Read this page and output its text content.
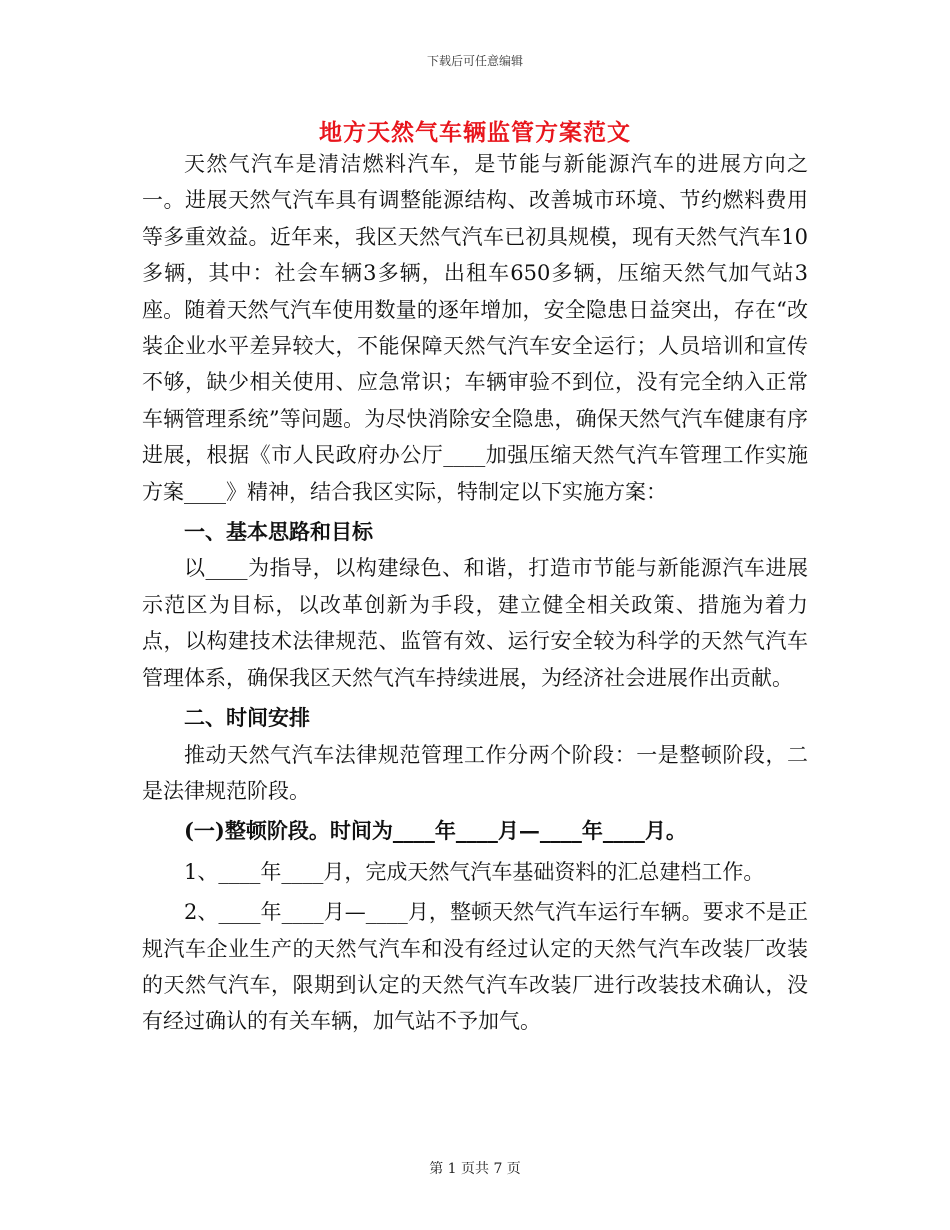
下载后可任意编辑
地方天然气车辆监管方案范文

天然气汽车是清洁燃料汽车，是节能与新能源汽车的进展方向之一。进展天然气汽车具有调整能源结构、改善城市环境、节约燃料费用等多重效益。近年来，我区天然气汽车已初具规模，现有天然气汽车10多辆，其中：社会车辆3多辆，出租车650多辆，压缩天然气加气站3座。随着天然气汽车使用数量的逐年增加，安全隐患日益突出，存在“改装企业水平差异较大，不能保障天然气汽车安全运行；人员培训和宣传不够，缺少相关使用、应急常识；车辆审验不到位，没有完全纳入正常车辆管理系统”等问题。为尽快消除安全隐患，确保天然气汽车健康有序进展，根据《市人民政府办公厅____加强压缩天然气汽车管理工作实施方案____》精神，结合我区实际，特制定以下实施方案：

一、基本思路和目标

以____为指导，以构建绿色、和谐，打造市节能与新能源汽车进展示范区为目标，以改革创新为手段，建立健全相关政策、措施为着力点，以构建技术法律规范、监管有效、运行安全较为科学的天然气汽车管理体系，确保我区天然气汽车持续进展，为经济社会进展作出贡献。

二、时间安排

推动天然气汽车法律规范管理工作分两个阶段：一是整顿阶段，二是法律规范阶段。

(一)整顿阶段。时间为____年____月—____年____月。

1、____年____月，完成天然气汽车基础资料的汇总建档工作。

2、____年____月—____月，整顿天然气汽车运行车辆。要求不是正规汽车企业生产的天然气汽车和没有经过认定的天然气汽车改装厂改装的天然气汽车，限期到认定的天然气汽车改装厂进行改装技术确认，没有经过确认的有关车辆，加气站不予加气。

第 1 页共 7 页
